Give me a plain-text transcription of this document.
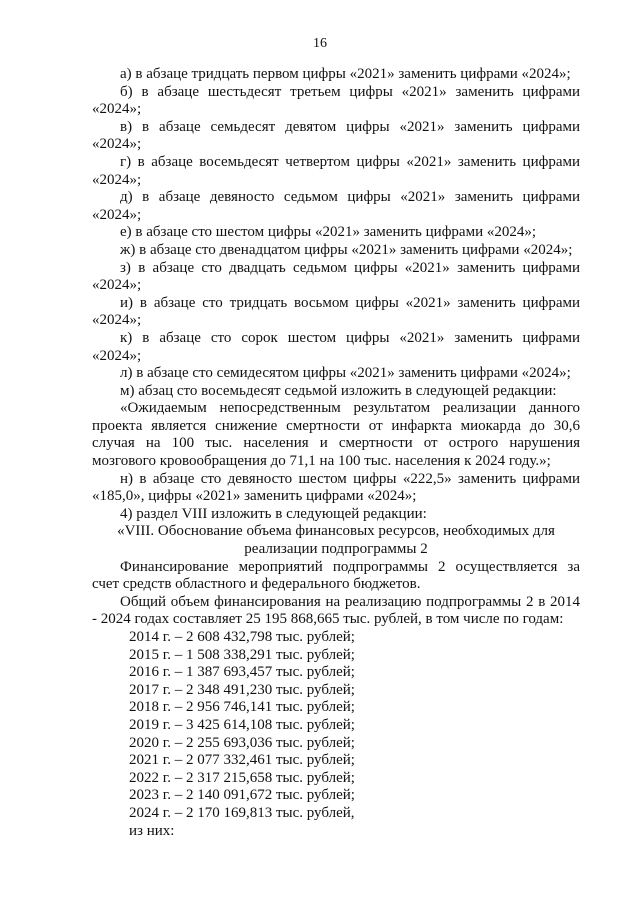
16

а) в абзаце тридцать первом цифры «2021» заменить цифрами «2024»;

б) в абзаце шестьдесят третьем цифры «2021» заменить цифрами

«2024»;

в) в абзаце семьдесят девятом цифры «2021» заменить цифрами

«2024»;

г) в абзаце восемьдесят четвертом цифры «2021» заменить цифрами

«2024»;

д) в абзаце девяносто седьмом цифры «2021» заменить цифрами

«2024»;

е) в абзаце сто шестом цифры «2021» заменить цифрами «2024»;

ж) в абзаце сто двенадцатом цифры «2021» заменить цифрами «2024»;

з) в абзаце сто двадцать седьмом цифры «2021» заменить цифрами

«2024»;

и) в абзаце сто тридцать восьмом цифры «2021» заменить цифрами

«2024»;

к) в абзаце сто сорок шестом цифры «2021» заменить цифрами

«2024»;

л) в абзаце сто семидесятом цифры «2021» заменить цифрами «2024»;

м) абзац сто восемьдесят седьмой изложить в следующей редакции:

«Ожидаемым непосредственным результатом реализации данного

проекта является снижение смертности от инфаркта миокарда до 30,6

случая на 100 тыс. населения и смертности от острого нарушения

мозгового кровообращения до 71,1 на 100 тыс. населения к 2024 году.»;

н) в абзаце сто девяносто шестом цифры «222,5» заменить цифрами

«185,0», цифры «2021» заменить цифрами «2024»;

4) раздел VIII изложить в следующей редакции:

«VIII. Обоснование объема финансовых ресурсов, необходимых для

реализации подпрограммы 2

Финансирование мероприятий подпрограммы 2 осуществляется за

счет средств областного и федерального бюджетов.

Общий объем финансирования на реализацию подпрограммы 2 в 2014

- 2024 годах составляет 25 195 868,665 тыс. рублей, в том числе по годам:

2014 г. – 2 608 432,798 тыс. рублей;

2015 г. – 1 508 338,291 тыс. рублей;

2016 г. – 1 387 693,457 тыс. рублей;

2017 г. – 2 348 491,230 тыс. рублей;

2018 г. – 2 956 746,141 тыс. рублей;

2019 г. – 3 425 614,108 тыс. рублей;

2020 г. – 2 255 693,036 тыс. рублей;

2021 г. – 2 077 332,461 тыс. рублей;

2022 г. – 2 317 215,658 тыс. рублей;

2023 г. – 2 140 091,672 тыс. рублей;

2024 г. – 2 170 169,813 тыс. рублей,

из них:
